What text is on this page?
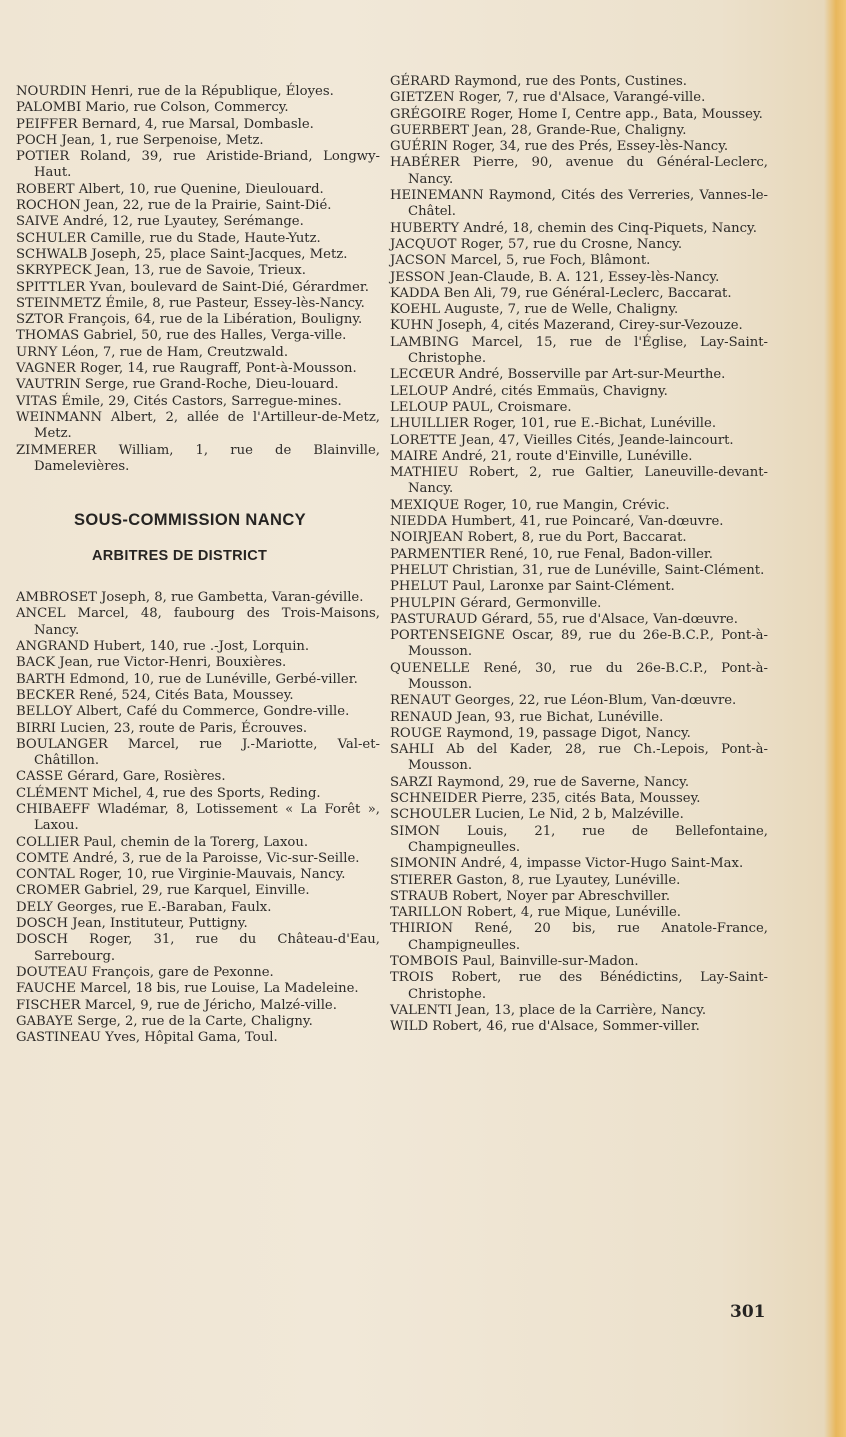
NOURDIN Henri, rue de la République, Éloyes.

PALOMBI Mario, rue Colson, Commercy.

PEIFFER Bernard, 4, rue Marsal, Dombasle.

POCH Jean, 1, rue Serpenoise, Metz.

POTIER Roland, 39, rue Aristide-Briand, Longwy-Haut.

ROBERT Albert, 10, rue Quenine, Dieulouard.

ROCHON Jean, 22, rue de la Prairie, Saint-Dié.

SAIVE André, 12, rue Lyautey, Serémange.

SCHULER Camille, rue du Stade, Haute-Yutz.

SCHWALB Joseph, 25, place Saint-Jacques, Metz.

SKRYPECK Jean, 13, rue de Savoie, Trieux.

SPITTLER Yvan, boulevard de Saint-Dié, Gérardmer.

STEINMETZ Émile, 8, rue Pasteur, Essey-lès-Nancy.

SZTOR François, 64, rue de la Libération, Bouligny.

THOMAS Gabriel, 50, rue des Halles, Verga-ville.

URNY Léon, 7, rue de Ham, Creutzwald.

VAGNER Roger, 14, rue Raugraff, Pont-à-Mousson.

VAUTRIN Serge, rue Grand-Roche, Dieu-louard.

VITAS Émile, 29, Cités Castors, Sarregue-mines.

WEINMANN Albert, 2, allée de l'Artilleur-de-Metz, Metz.

ZIMMERER William, 1, rue de Blainville, Damelevières.

SOUS-COMMISSION NANCY
ARBITRES DE DISTRICT

AMBROSET Joseph, 8, rue Gambetta, Varan-géville.

ANCEL Marcel, 48, faubourg des Trois-Maisons, Nancy.

ANGRAND Hubert, 140, rue .-Jost, Lorquin.

BACK Jean, rue Victor-Henri, Bouxières.

BARTH Edmond, 10, rue de Lunéville, Gerbé-viller.

BECKER René, 524, Cités Bata, Moussey.

BELLOY Albert, Café du Commerce, Gondre-ville.

BIRRI Lucien, 23, route de Paris, Écrouves.

BOULANGER Marcel, rue J.-Mariotte, Val-et-Châtillon.

CASSE Gérard, Gare, Rosières.

CLÉMENT Michel, 4, rue des Sports, Reding.

CHIBAEFF Wladémar, 8, Lotissement « La Forêt », Laxou.

COLLIER Paul, chemin de la Torerg, Laxou.

COMTE André, 3, rue de la Paroisse, Vic-sur-Seille.

CONTAL Roger, 10, rue Virginie-Mauvais, Nancy.

CROMER Gabriel, 29, rue Karquel, Einville.

DELY Georges, rue E.-Baraban, Faulx.

DOSCH Jean, Instituteur, Puttigny.

DOSCH Roger, 31, rue du Château-d'Eau, Sarrebourg.

DOUTEAU François, gare de Pexonne.

FAUCHE Marcel, 18 bis, rue Louise, La Madeleine.

FISCHER Marcel, 9, rue de Jéricho, Malzé-ville.

GABAYE Serge, 2, rue de la Carte, Chaligny.

GASTINEAU Yves, Hôpital Gama, Toul.

GÉRARD Raymond, rue des Ponts, Custines.

GIETZEN Roger, 7, rue d'Alsace, Varangé-ville.

GRÉGOIRE Roger, Home I, Centre app., Bata, Moussey.

GUERBERT Jean, 28, Grande-Rue, Chaligny.

GUÉRIN Roger, 34, rue des Prés, Essey-lès-Nancy.

HABÉRER Pierre, 90, avenue du Général-Leclerc, Nancy.

HEINEMANN Raymond, Cités des Verreries, Vannes-le-Châtel.

HUBERTY André, 18, chemin des Cinq-Piquets, Nancy.

JACQUOT Roger, 57, rue du Crosne, Nancy.

JACSON Marcel, 5, rue Foch, Blâmont.

JESSON Jean-Claude, B. A. 121, Essey-lès-Nancy.

KADDA Ben Ali, 79, rue Général-Leclerc, Baccarat.

KOEHL Auguste, 7, rue de Welle, Chaligny.

KUHN Joseph, 4, cités Mazerand, Cirey-sur-Vezouze.

LAMBING Marcel, 15, rue de l'Église, Lay-Saint-Christophe.

LECŒUR André, Bosserville par Art-sur-Meurthe.

LELOUP André, cités Emmaüs, Chavigny.

LELOUP PAUL, Croismare.

LHUILLIER Roger, 101, rue E.-Bichat, Lunéville.

LORETTE Jean, 47, Vieilles Cités, Jeande-laincourt.

MAIRE André, 21, route d'Einville, Lunéville.

MATHIEU Robert, 2, rue Galtier, Laneuville-devant-Nancy.

MEXIQUE Roger, 10, rue Mangin, Crévic.

NIEDDA Humbert, 41, rue Poincaré, Van-dœuvre.

NOIRJEAN Robert, 8, rue du Port, Baccarat.

PARMENTIER René, 10, rue Fenal, Badon-viller.

PHELUT Christian, 31, rue de Lunéville, Saint-Clément.

PHELUT Paul, Laronxe par Saint-Clément.

PHULPIN Gérard, Germonville.

PASTURAUD Gérard, 55, rue d'Alsace, Van-dœuvre.

PORTENSEIGNE Oscar, 89, rue du 26e-B.C.P., Pont-à-Mousson.

QUENELLE René, 30, rue du 26e-B.C.P., Pont-à-Mousson.

RENAUT Georges, 22, rue Léon-Blum, Van-dœuvre.

RENAUD Jean, 93, rue Bichat, Lunéville.

ROUGE Raymond, 19, passage Digot, Nancy.

SAHLI Ab del Kader, 28, rue Ch.-Lepois, Pont-à-Mousson.

SARZI Raymond, 29, rue de Saverne, Nancy.

SCHNEIDER Pierre, 235, cités Bata, Moussey.

SCHOULER Lucien, Le Nid, 2 b, Malzéville.

SIMON Louis, 21, rue de Bellefontaine, Champigneulles.

SIMONIN André, 4, impasse Victor-Hugo Saint-Max.

STIERER Gaston, 8, rue Lyautey, Lunéville.

STRAUB Robert, Noyer par Abreschviller.

TARILLON Robert, 4, rue Mique, Lunéville.

THIRION René, 20 bis, rue Anatole-France, Champigneulles.

TOMBOIS Paul, Bainville-sur-Madon.

TROIS Robert, rue des Bénédictins, Lay-Saint-Christophe.

VALENTI Jean, 13, place de la Carrière, Nancy.

WILD Robert, 46, rue d'Alsace, Sommer-viller.

301
